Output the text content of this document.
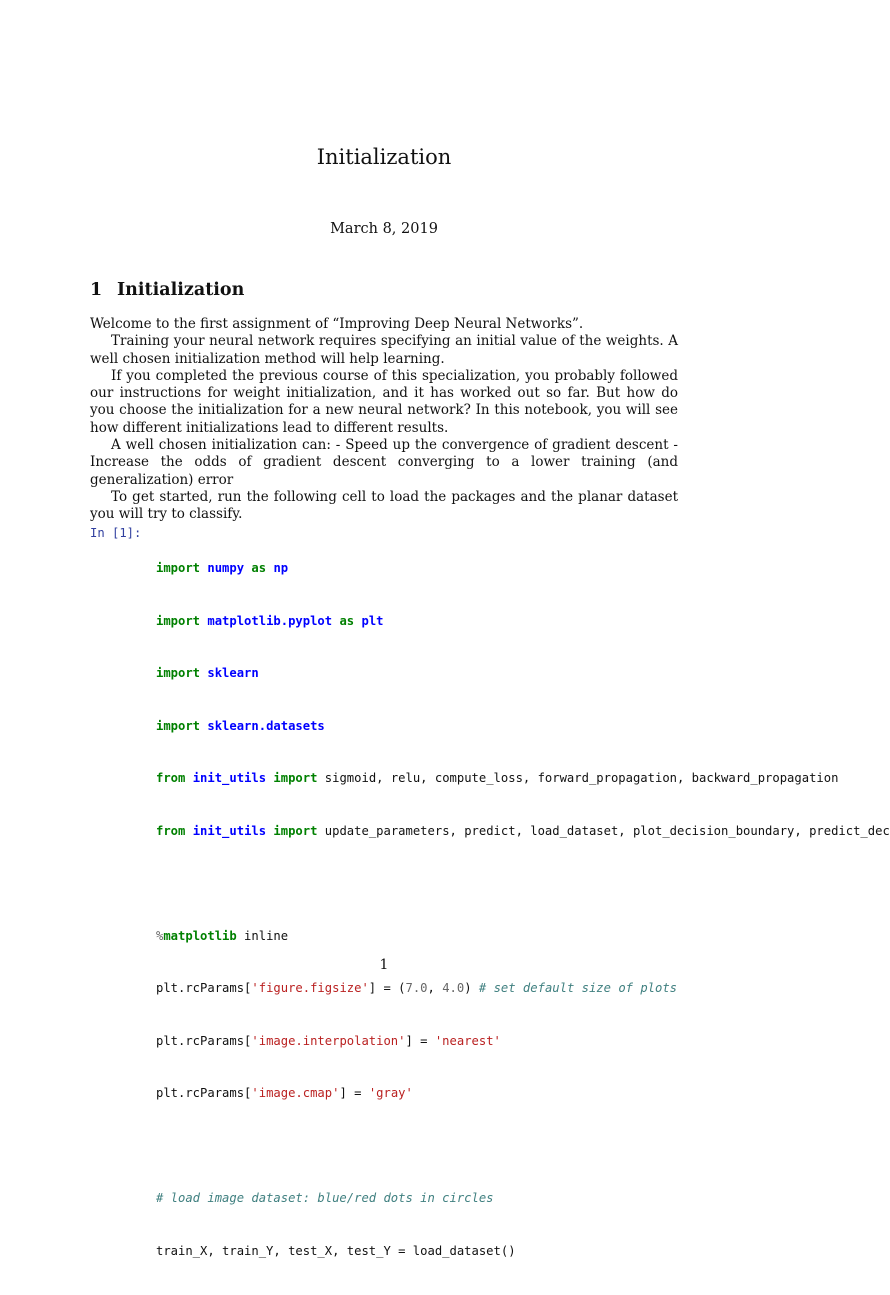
Initialization
March 8, 2019
1 Initialization

Welcome to the first assignment of “Improving Deep Neural Networks”.

Training your neural network requires specifying an initial value of the weights. A well chosen initialization method will help learning.

If you completed the previous course of this specialization, you probably followed our instructions for weight initialization, and it has worked out so far. But how do you choose the initialization for a new neural network? In this notebook, you will see how different initializations lead to different results.

A well chosen initialization can: - Speed up the convergence of gradient descent - Increase the odds of gradient descent converging to a lower training (and generalization) error

To get started, run the following cell to load the packages and the planar dataset you will try to classify.

In [1]:

import numpy as np

import matplotlib.pyplot as plt

import sklearn

import sklearn.datasets

from init_utils import sigmoid, relu, compute_loss, forward_propagation, backward_propagation

from init_utils import update_parameters, predict, load_dataset, plot_decision_boundary, predict_dec

%matplotlib inline

plt.rcParams['figure.figsize'] = (7.0, 4.0) # set default size of plots

plt.rcParams['image.interpolation'] = 'nearest'

plt.rcParams['image.cmap'] = 'gray'

# load image dataset: blue/red dots in circles

train_X, train_Y, test_X, test_Y = load_dataset()

1
